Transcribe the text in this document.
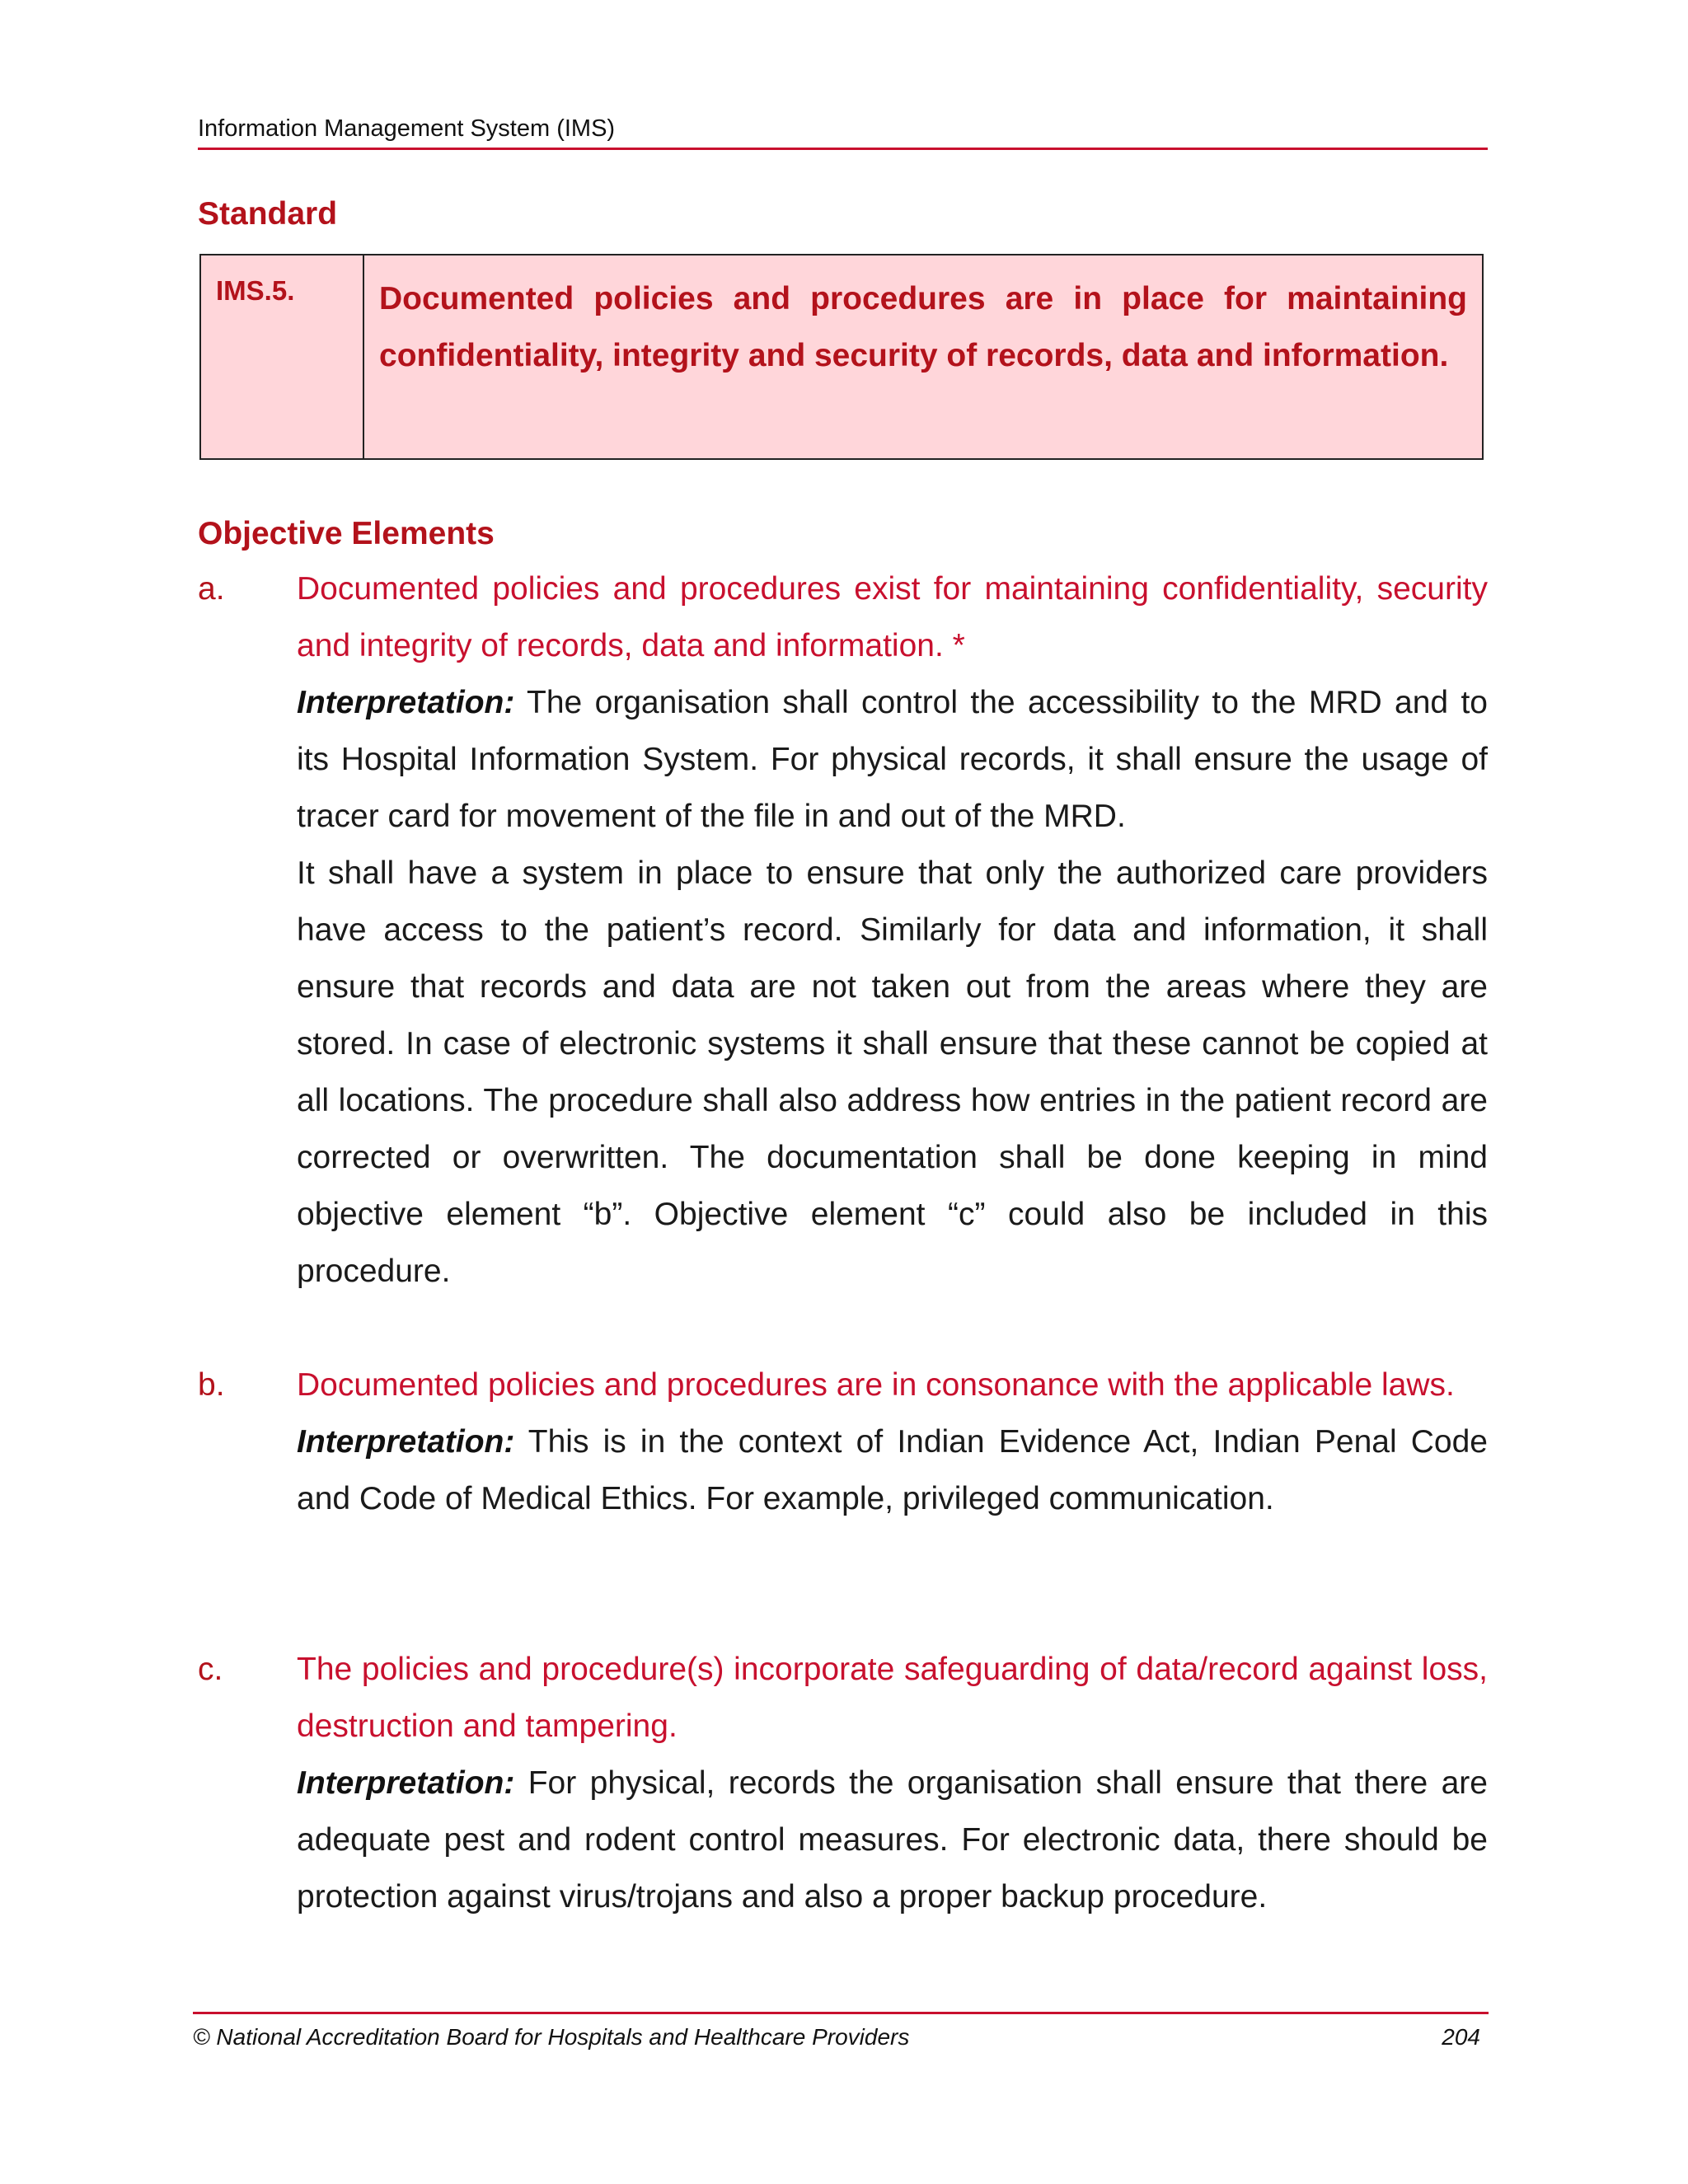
Information Management System (IMS)
Standard
IMS.5.	Documented policies and procedures are in place for maintaining confidentiality, integrity and security of records, data and information.
Objective Elements
a. Documented policies and procedures exist for maintaining confidentiality, security and integrity of records, data and information. *

Interpretation: The organisation shall control the accessibility to the MRD and to its Hospital Information System. For physical records, it shall ensure the usage of tracer card for movement of the file in and out of the MRD.

It shall have a system in place to ensure that only the authorized care providers have access to the patient’s record. Similarly for data and information, it shall ensure that records and data are not taken out from the areas where they are stored. In case of electronic systems it shall ensure that these cannot be copied at all locations. The procedure shall also address how entries in the patient record are corrected or overwritten. The documentation shall be done keeping in mind objective element “b”. Objective element “c” could also be included in this procedure.

b. Documented policies and procedures are in consonance with the applicable laws.

Interpretation: This is in the context of Indian Evidence Act, Indian Penal Code and Code of Medical Ethics. For example, privileged communication.

c. The policies and procedure(s) incorporate safeguarding of data/record against loss, destruction and tampering.

Interpretation: For physical, records the organisation shall ensure that there are adequate pest and rodent control measures. For electronic data, there should be protection against virus/trojans and also a proper backup procedure.

© National Accreditation Board for Hospitals and Healthcare Providers	204
